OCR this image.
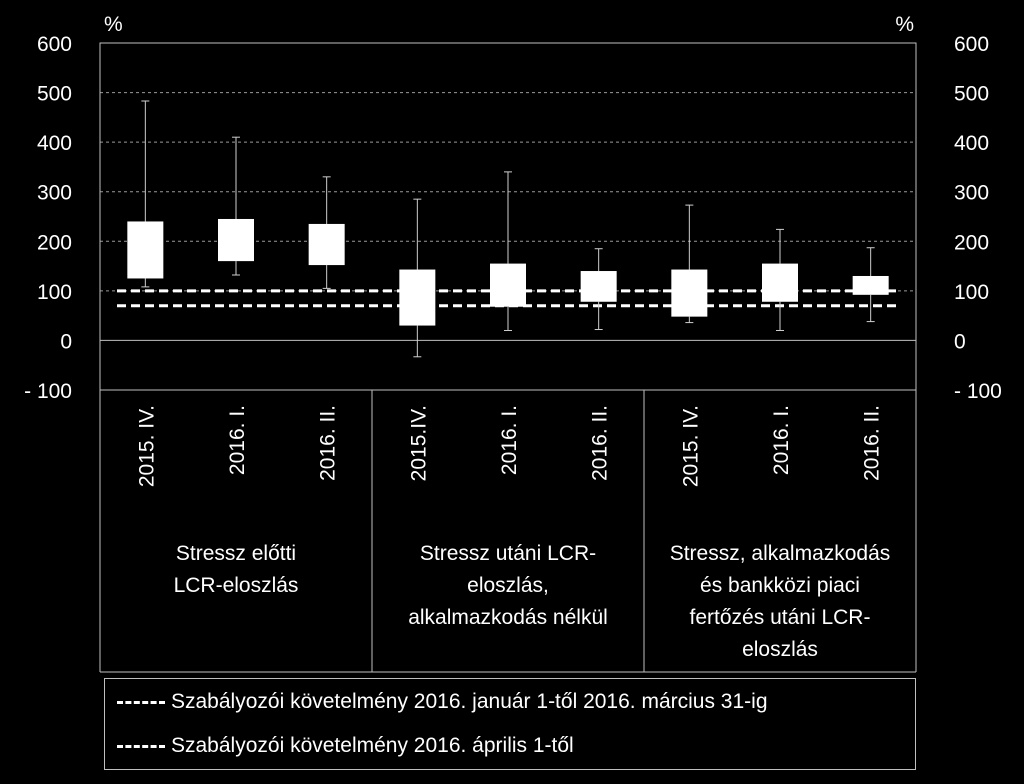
600
500
400
300
200
100
0
- 100
%
600
500
400
300
200
100
0
- 100
%
2015. IV.	2016. I.	2016. II.	2015.IV.	2016. I.	2016. II.	2015. IV.	2016. I.	2016. II.
Stressz előtti
LCR-eloszlás
Stressz utáni LCR-
eloszlás,
alkalmazkodás nélkül
Stressz, alkalmazkodás
és bankközi piaci
fertőzés utáni LCR-
eloszlás
Szabályozói követelmény 2016. január 1-től 2016. március 31-ig
Szabályozói követelmény 2016. április 1-től
